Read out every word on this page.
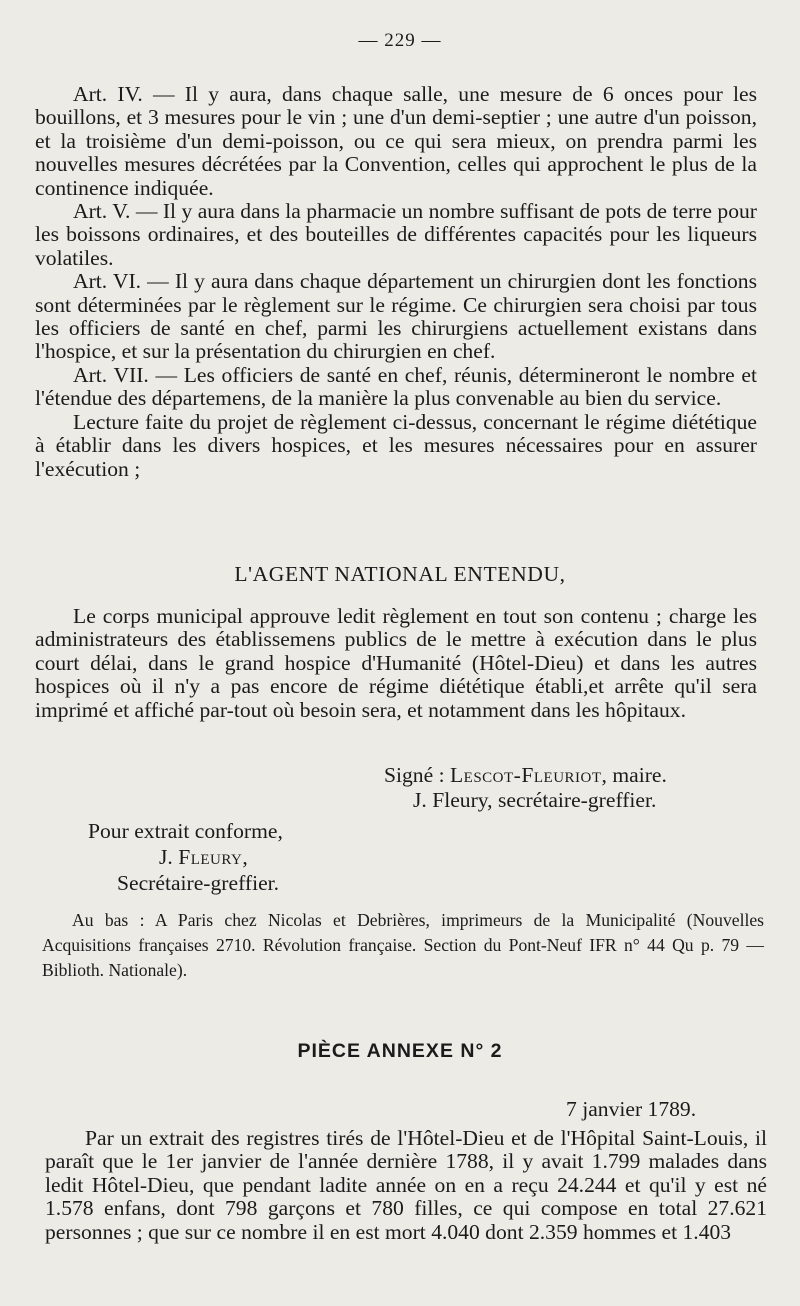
— 229 —

Art. IV. — Il y aura, dans chaque salle, une mesure de 6 onces pour les bouillons, et 3 mesures pour le vin ; une d'un demi-septier ; une autre d'un poisson, et la troisième d'un demi-poisson, ou ce qui sera mieux, on prendra parmi les nouvelles mesures décrétées par la Convention, celles qui approchent le plus de la continence indiquée.

Art. V. — Il y aura dans la pharmacie un nombre suffisant de pots de terre pour les boissons ordinaires, et des bouteilles de différentes capacités pour les liqueurs volatiles.

Art. VI. — Il y aura dans chaque département un chirurgien dont les fonctions sont déterminées par le règlement sur le régime. Ce chirurgien sera choisi par tous les officiers de santé en chef, parmi les chirurgiens actuellement existans dans l'hospice, et sur la présentation du chirurgien en chef.

Art. VII. — Les officiers de santé en chef, réunis, détermineront le nombre et l'étendue des départemens, de la manière la plus convenable au bien du service.

Lecture faite du projet de règlement ci-dessus, concernant le régime diététique à établir dans les divers hospices, et les mesures nécessaires pour en assurer l'exécution ;

L'AGENT NATIONAL ENTENDU,

Le corps municipal approuve ledit règlement en tout son contenu ; charge les administrateurs des établissemens publics de le mettre à exécution dans le plus court délai, dans le grand hospice d'Humanité (Hôtel-Dieu) et dans les autres hospices où il n'y a pas encore de régime diététique établi,et arrête qu'il sera imprimé et affiché par-tout où besoin sera, et notamment dans les hôpitaux.

Signé : Lescot-Fleuriot, maire.
J. Fleury, secrétaire-greffier.
Pour extrait conforme,
J. Fleury,
Secrétaire-greffier.
Au bas : A Paris chez Nicolas et Debrières, imprimeurs de la Municipalité (Nouvelles Acquisitions françaises 2710. Révolution française. Section du Pont-Neuf IFR n° 44 Qu p. 79 — Biblioth. Nationale).
PIÈCE ANNEXE N° 2
7 janvier 1789.

Par un extrait des registres tirés de l'Hôtel-Dieu et de l'Hôpital Saint-Louis, il paraît que le 1er janvier de l'année dernière 1788, il y avait 1.799 malades dans ledit Hôtel-Dieu, que pendant ladite année on en a reçu 24.244 et qu'il y est né 1.578 enfans, dont 798 garçons et 780 filles, ce qui compose en total 27.621 personnes ; que sur ce nombre il en est mort 4.040 dont 2.359 hommes et 1.403
